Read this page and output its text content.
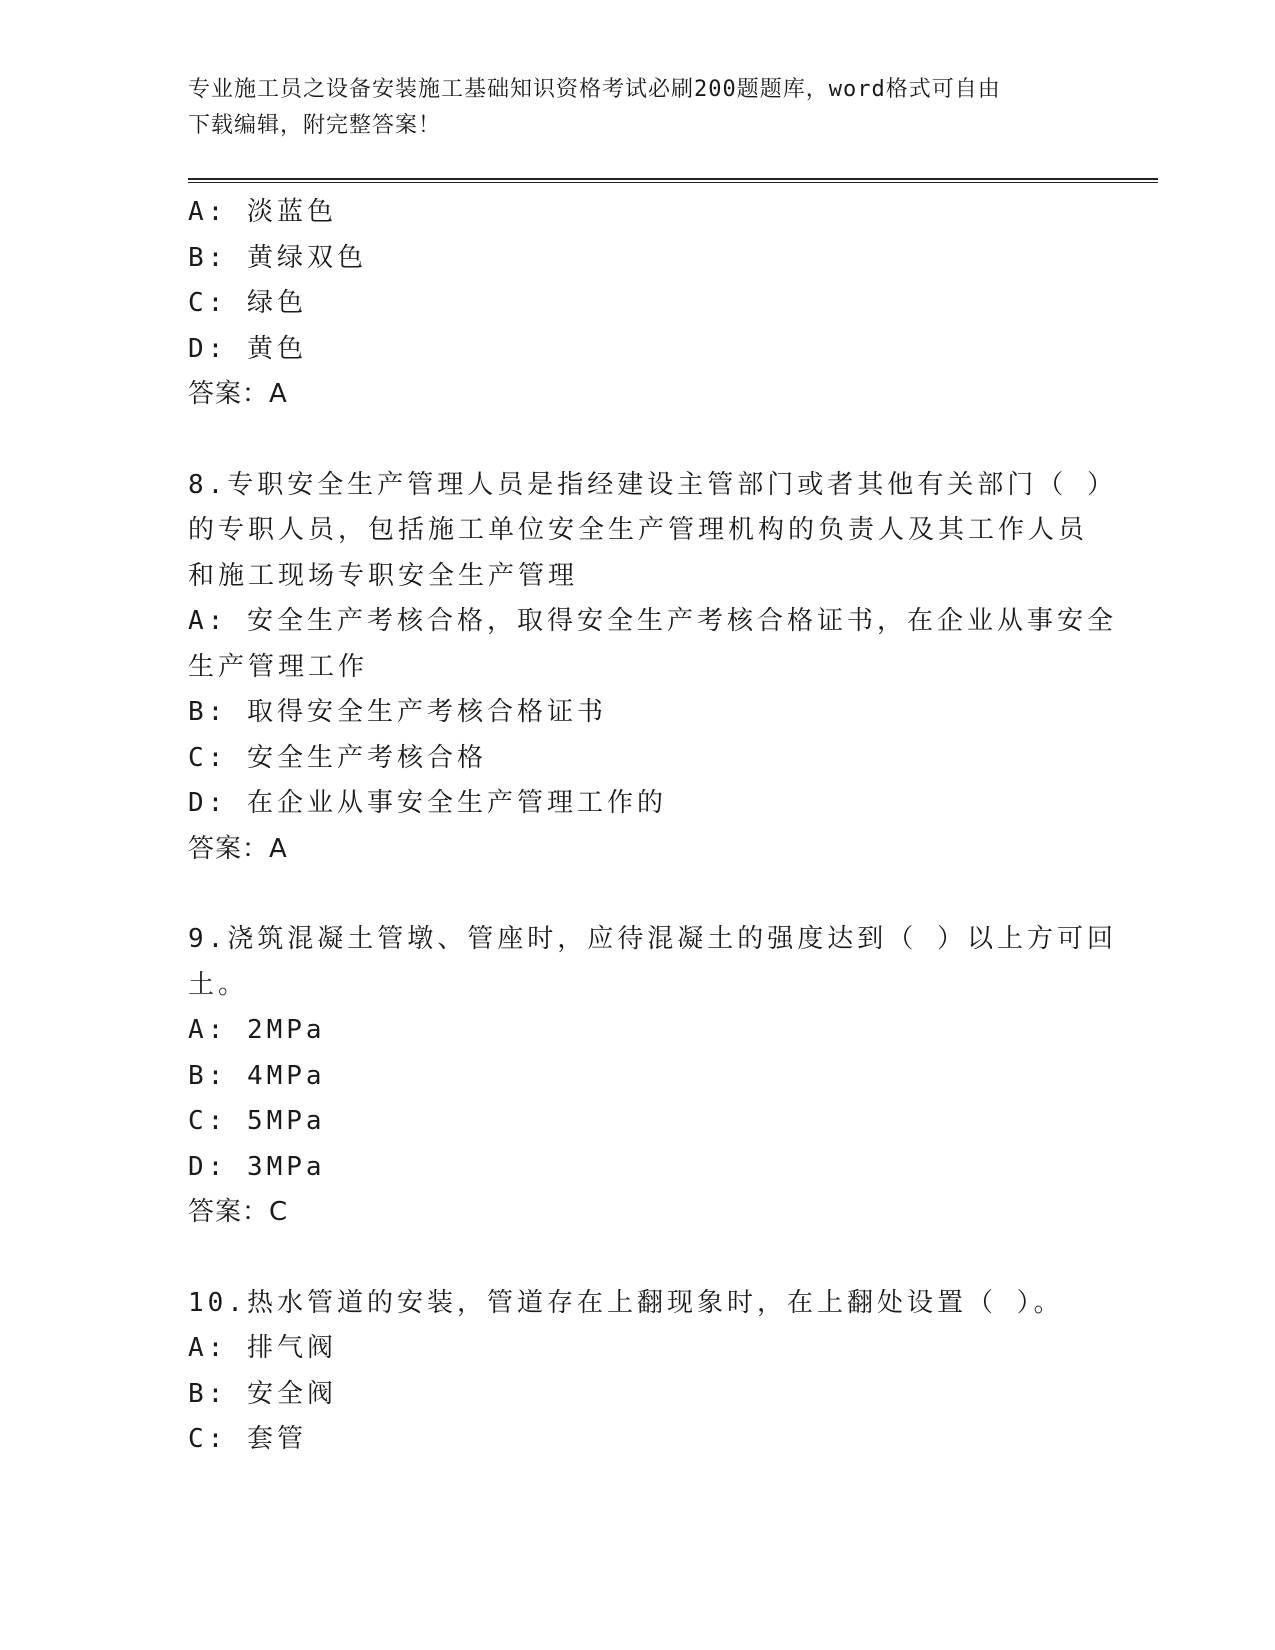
专业施工员之设备安装施工基础知识资格考试必刷200题题库，word格式可自由
下载编辑，附完整答案！
A: 淡蓝色
B: 黄绿双色
C: 绿色
D: 黄色
答案：A
8.专职安全生产管理人员是指经建设主管部门或者其他有关部门（ ）
的专职人员，包括施工单位安全生产管理机构的负责人及其工作人员
和施工现场专职安全生产管理
A: 安全生产考核合格，取得安全生产考核合格证书，在企业从事安全
生产管理工作
B: 取得安全生产考核合格证书
C: 安全生产考核合格
D: 在企业从事安全生产管理工作的
答案：A
9.浇筑混凝土管墩、管座时，应待混凝土的强度达到（ ）以上方可回
土。
A: 2MPa
B: 4MPa
C: 5MPa
D: 3MPa
答案：C
10.热水管道的安装，管道存在上翻现象时，在上翻处设置（ ）。
A: 排气阀
B: 安全阀
C: 套管
